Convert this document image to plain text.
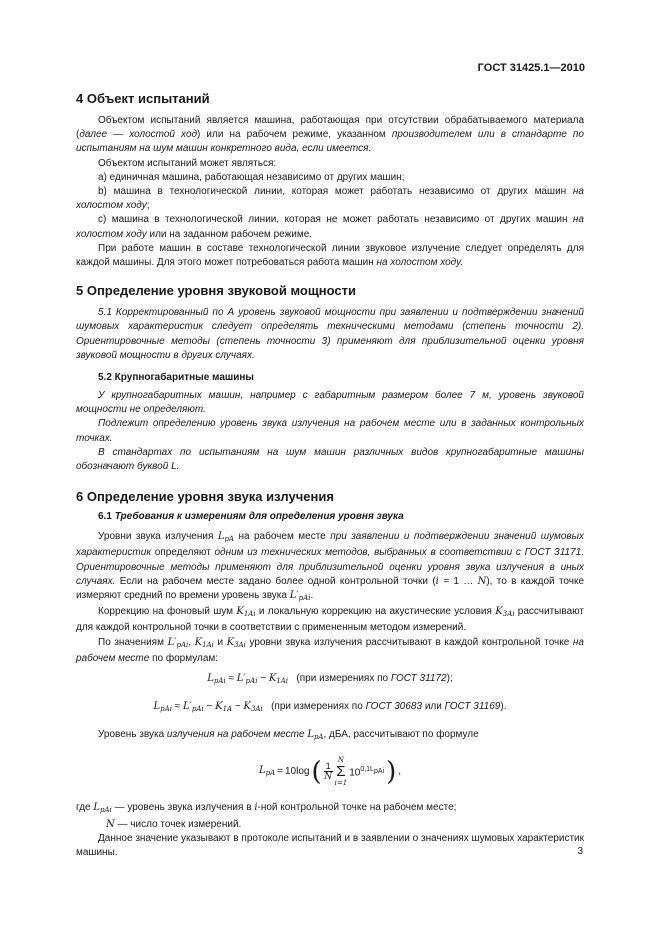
ГОСТ 31425.1—2010
4 Объект испытаний

Объектом испытаний является машина, работающая при отсутствии обрабатываемого материала (далее — холостой ход) или на рабочем режиме, указанном производителем или в стандарте по испытаниям на шум машин конкретного вида, если имеется.

Объектом испытаний может являться:

а) единичная машина, работающая независимо от других машин;

b) машина в технологической линии, которая может работать независимо от других машин на холостом ходу;

c) машина в технологической линии, которая не может работать независимо от других машин на холостом ходу или на заданном рабочем режиме.

При работе машин в составе технологической линии звуковое излучение следует определять для каждой машины. Для этого может потребоваться работа машин на холостом ходу.

5 Определение уровня звуковой мощности

5.1 Корректированный по А уровень звуковой мощности при заявлении и подтверждении значений шумовых характеристик следует определять техническими методами (степень точности 2). Ориентировочные методы (степень точности 3) применяют для приблизительной оценки уровня звуковой мощности в других случаях.

5.2 Крупногабаритные машины

У крупногабаритных машин, например с габаритным размером более 7 м, уровень звуковой мощности не определяют.

Подлежит определению уровень звука излучения на рабочем месте или в заданных контрольных точках.

В стандартах по испытаниям на шум машин различных видов крупногабаритные машины обозначают буквой L.

6 Определение уровня звука излучения
6.1 Требования к измерениям для определения уровня звука

Уровни звука излучения $L_{pA}$ на рабочем месте при заявлении и подтверждении значений шумовых характеристик определяют одним из технических методов, выбранных в соответствии с ГОСТ 31171. Ориентировочные методы применяют для приблизительной оценки уровня звука излучения в иных случаях. Если на рабочем месте задано более одной контрольной точки (i = 1 … N), то в каждой точке измеряют средний по времени уровень звука $L'_{pAi}$.

Коррекцию на фоновый шум $K_{1Ai}$ и локальную коррекцию на акустические условия $K_{3Ai}$ рассчитывают для каждой контрольной точки в соответствии с примененным методом измерений.

По значениям $L'_{pAi}$, $K_{1Ai}$ и $K_{3Ai}$ уровни звука излучения рассчитывают в каждой контрольной точке на рабочем месте по формулам:

$L_{pAi} \approx L'_{pAi} - K_{1Ai}$ (при измерениях по ГОСТ 31172);
$L_{pAi} \approx L'_{pAi} - K_{1A} - K_{3Ai}$ (при измерениях по ГОСТ 30683 или ГОСТ 31169).

Уровень звука излучения на рабочем месте $L_{pA}$, дБА, рассчитывают по формуле

$L_{pA} = 10\log$ ( $\frac{1}{N}$
N
Σ
i=1
$10^{0,1L_{pAi}}$ ) ,

где $L_{pAi}$ — уровень звука излучения в i-ной контрольной точке на рабочем месте;

N — число точек измерений.

Данное значение указывают в протоколе испытаний и в заявлении о значениях шумовых характеристик машины.	3
